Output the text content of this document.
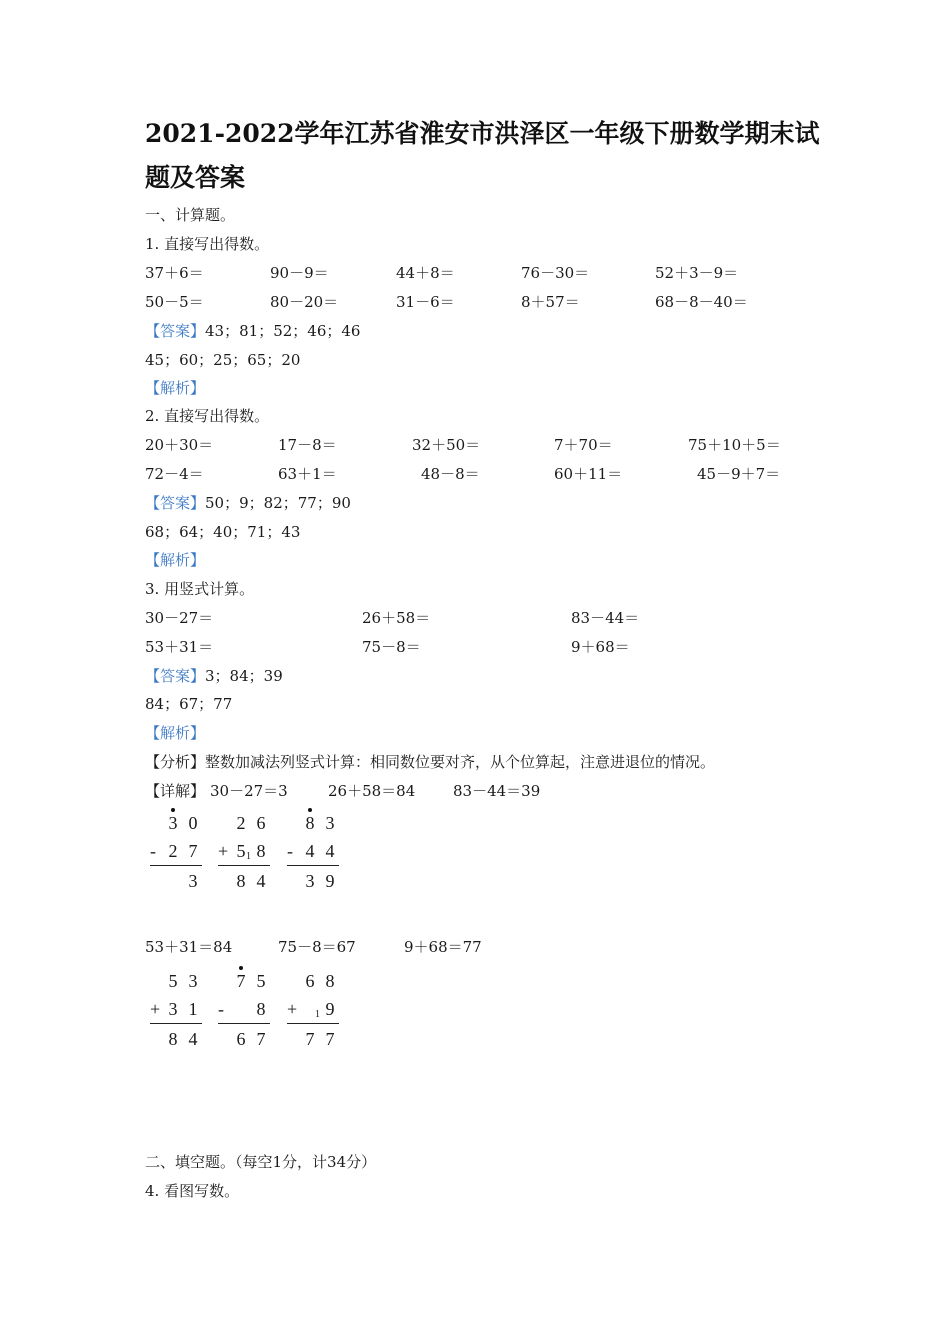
2021-2022学年江苏省淮安市洪泽区一年级下册数学期末试
题及答案
一、计算题。
1. 直接写出得数。
37＋6＝	90－9＝	44＋8＝	76－30＝	52＋3－9＝
50－5＝	80－20＝	31－6＝	8＋57＝	68－8－40＝
【答案】43；81；52；46；46
45；60；25；65；20
【解析】
2. 直接写出得数。
20＋30＝	17－8＝	32＋50＝	7＋70＝	75＋10＋5＝
72－4＝	63＋1＝	48－8＝	60＋11＝	45－9＋7＝
【答案】50；9；82；77；90
68；64；40；71；43
【解析】
3. 用竖式计算。
30－27＝	26＋58＝	83－44＝
53＋31＝	75－8＝	9＋68＝
【答案】3；84；39
84；67；77
【解析】
【分析】整数加减法列竖式计算：相同数位要对齐，从个位算起，注意进退位的情况。
【详解】 30－27＝3	26＋58＝84	83－44＝39
3 0
- 2 7
3
2 6
+ 5 8
1
8 4
8 3
- 4 4
3 9
53＋31＝84	75－8＝67	9＋68＝77
5 3
+ 3 1
8 4
7 5
- 8
6 7
6 8
+ 9
1
7 7
二、填空题。（每空1分，计34分）
4. 看图写数。
